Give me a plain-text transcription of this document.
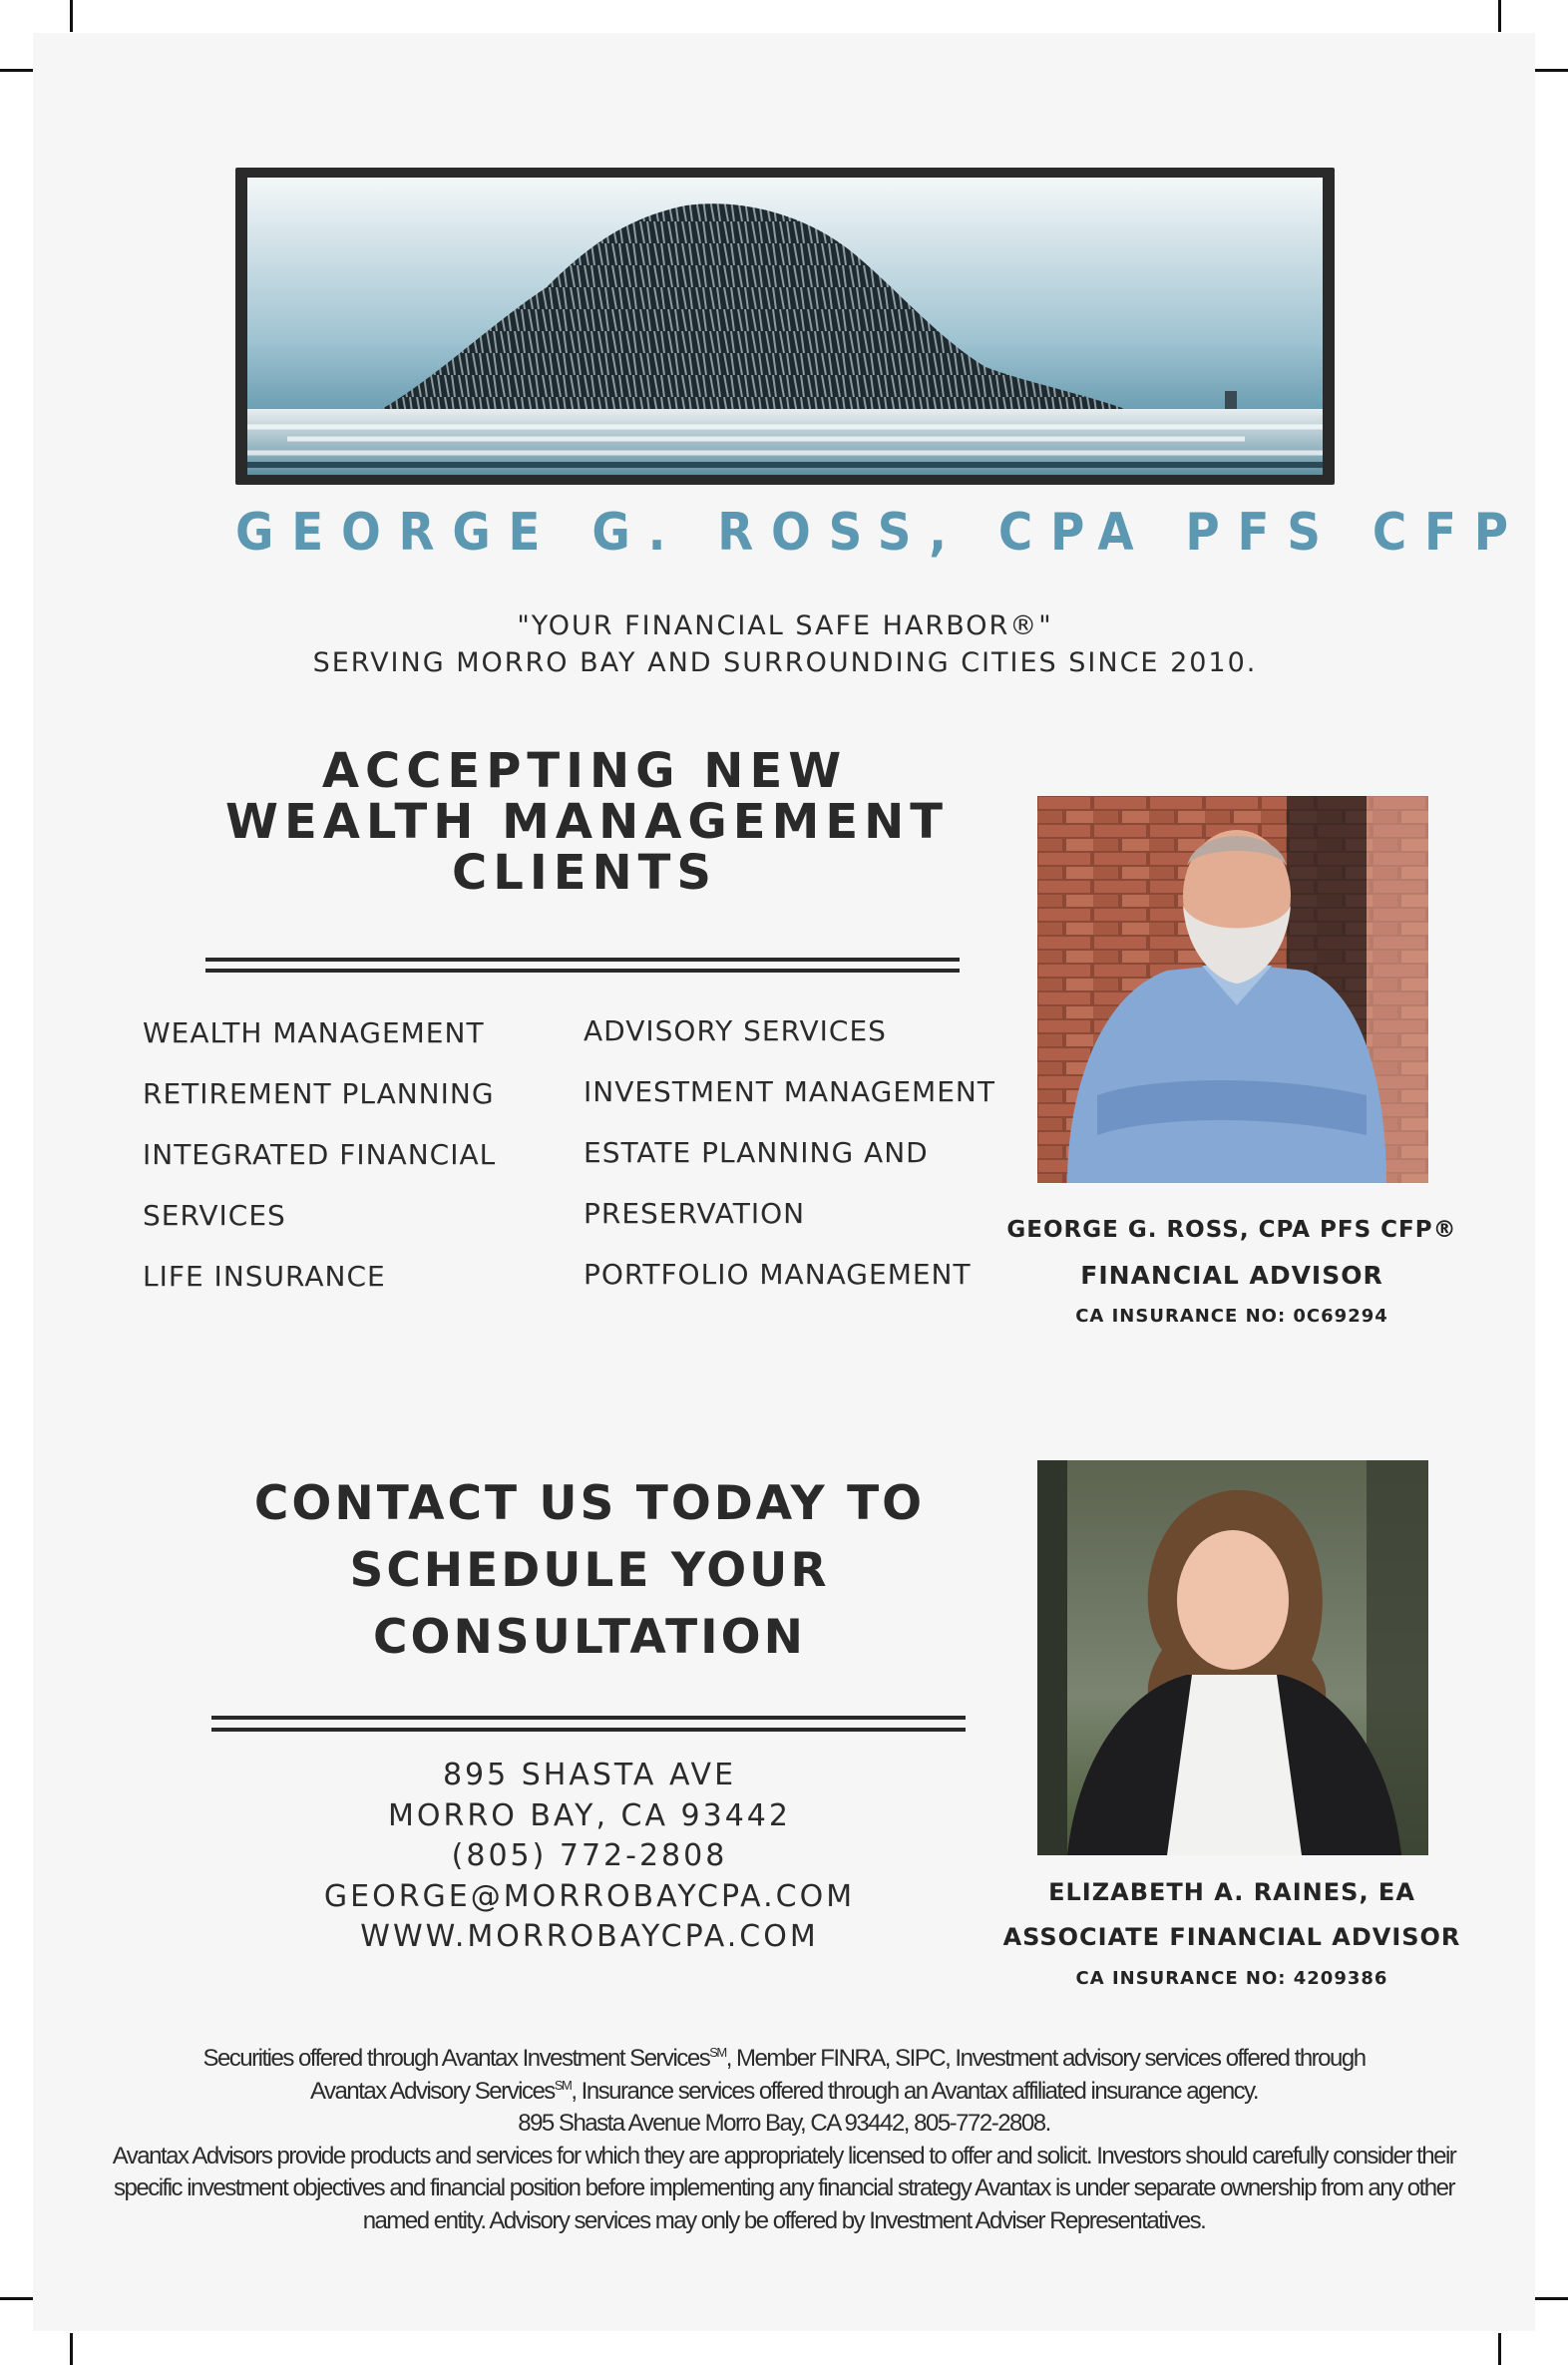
GEORGE G. ROSS, CPA PFS CFP
"YOUR FINANCIAL SAFE HARBOR®"
SERVING MORRO BAY AND SURROUNDING CITIES SINCE 2010.
ACCEPTING NEW
WEALTH MANAGEMENT
CLIENTS
WEALTH MANAGEMENT
RETIREMENT PLANNING
INTEGRATED FINANCIAL
SERVICES
LIFE INSURANCE
ADVISORY SERVICES
INVESTMENT MANAGEMENT
ESTATE PLANNING AND
PRESERVATION
PORTFOLIO MANAGEMENT
GEORGE G. ROSS, CPA PFS CFP®
FINANCIAL ADVISOR
CA INSURANCE NO: 0C69294
CONTACT US TODAY TO
SCHEDULE YOUR
CONSULTATION
895 SHASTA AVE
MORRO BAY, CA 93442
(805) 772-2808
GEORGE@MORROBAYCPA.COM
WWW.MORROBAYCPA.COM
ELIZABETH A. RAINES, EA
ASSOCIATE FINANCIAL ADVISOR
CA INSURANCE NO: 4209386
Securities offered through Avantax Investment Services℠, Member FINRA, SIPC, Investment advisory services offered through
Avantax Advisory Services℠, Insurance services offered through an Avantax affiliated insurance agency.
895 Shasta Avenue Morro Bay, CA 93442, 805-772-2808.
Avantax Advisors provide products and services for which they are appropriately licensed to offer and solicit. Investors should carefully consider their specific investment objectives and financial position before implementing any financial strategy Avantax is under separate ownership from any other named entity. Advisory services may only be offered by Investment Adviser Representatives.
